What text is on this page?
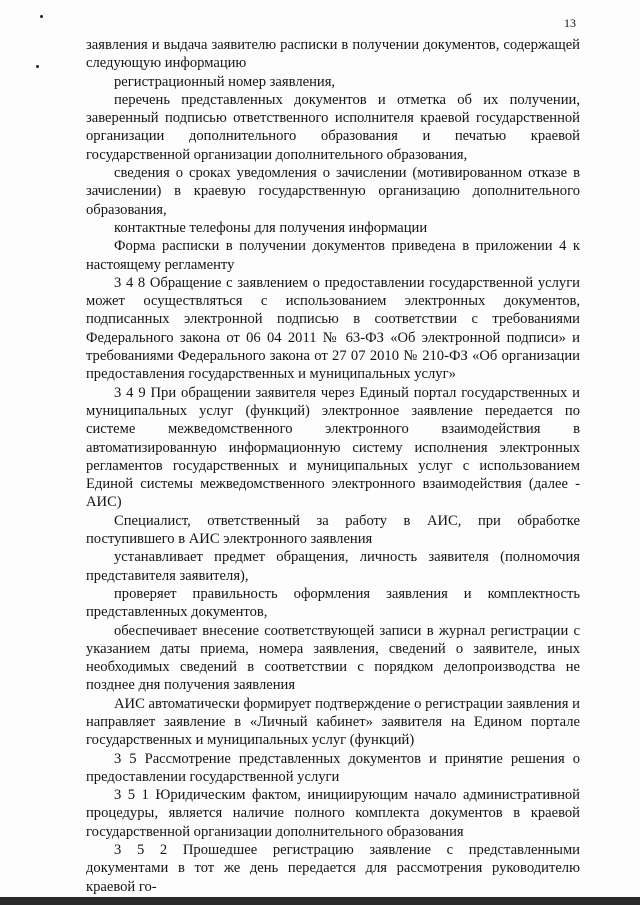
13

заявления и выдача заявителю расписки в получении документов, содержащей следующую информацию

регистрационный номер заявления,

перечень представленных документов и отметка об их получении, заверенный подписью ответственного исполнителя краевой государственной организации дополнительного образования и печатью краевой государственной организации дополнительного образования,

сведения о сроках уведомления о зачислении (мотивированном отказе в зачислении) в краевую государственную организацию дополнительного образования,

контактные телефоны для получения информации

Форма расписки в получении документов приведена в приложении 4 к настоящему регламенту

3 4 8 Обращение с заявлением о предоставлении государственной услуги может осуществляться с использованием электронных документов, подписанных электронной подписью в соответствии с требованиями Федерального закона от 06 04 2011 № 63-ФЗ «Об электронной подписи» и требованиями Федерального закона от 27 07 2010 № 210-ФЗ «Об организации предоставления государственных и муниципальных услуг»

3 4 9 При обращении заявителя через Единый портал государственных и муниципальных услуг (функций) электронное заявление передается по системе межведомственного электронного взаимодействия в автоматизированную информационную систему исполнения электронных регламентов государственных и муниципальных услуг с использованием Единой системы межведомственного электронного взаимодействия (далее - АИС)

Специалист, ответственный за работу в АИС, при обработке поступившего в АИС электронного заявления

устанавливает предмет обращения, личность заявителя (полномочия представителя заявителя),

проверяет правильность оформления заявления и комплектность представленных документов,

обеспечивает внесение соответствующей записи в журнал регистрации с указанием даты приема, номера заявления, сведений о заявителе, иных необходимых сведений в соответствии с порядком делопроизводства не позднее дня получения заявления

АИС автоматически формирует подтверждение о регистрации заявления и направляет заявление в «Личный кабинет» заявителя на Едином портале государственных и муниципальных услуг (функций)

3 5 Рассмотрение представленных документов и принятие решения о предоставлении государственной услуги

3 5 1 Юридическим фактом, инициирующим начало административной процедуры, является наличие полного комплекта документов в краевой государственной организации дополнительного образования

3 5 2 Прошедшее регистрацию заявление с представленными документами в тот же день передается для рассмотрения руководителю краевой го-
